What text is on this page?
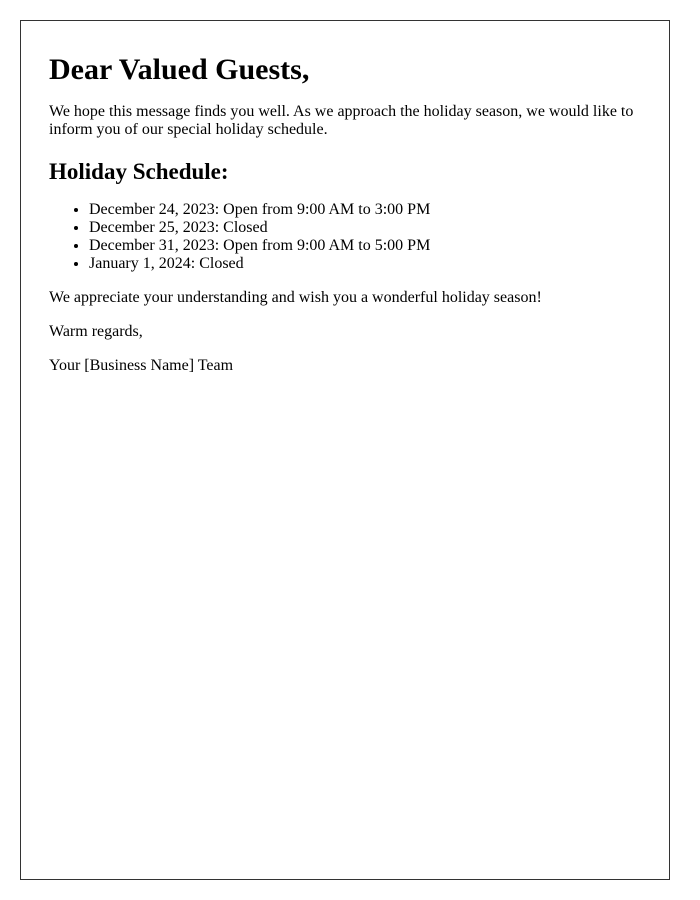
Dear Valued Guests,

We hope this message finds you well. As we approach the holiday season, we would like to inform you of our special holiday schedule.

Holiday Schedule:
• December 24, 2023: Open from 9:00 AM to 3:00 PM
• December 25, 2023: Closed
• December 31, 2023: Open from 9:00 AM to 5:00 PM
• January 1, 2024: Closed

We appreciate your understanding and wish you a wonderful holiday season!

Warm regards,

Your [Business Name] Team
